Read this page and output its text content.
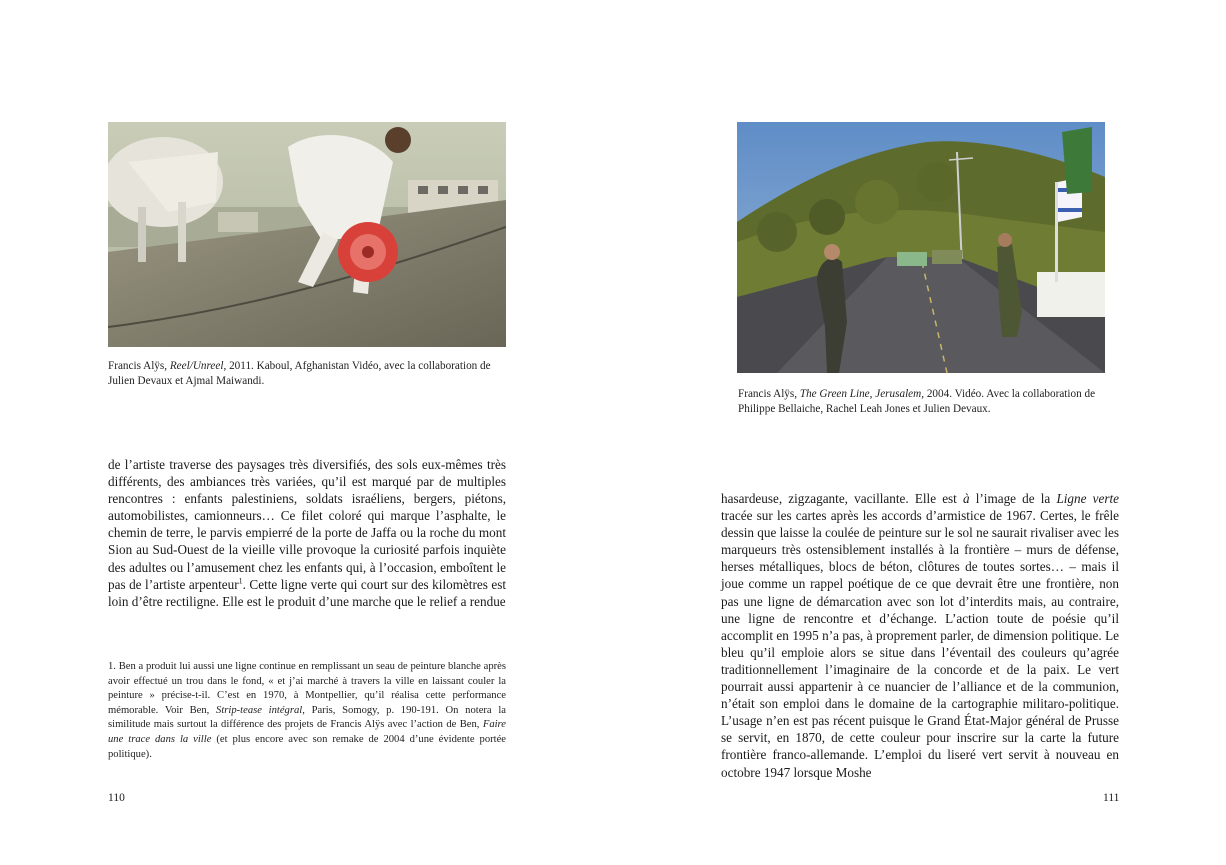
Francis Alÿs, Reel/Unreel, 2011. Kaboul, Afghanistan Vidéo, avec la collaboration de Julien Devaux et Ajmal Maiwandi.

de l’artiste traverse des paysages très diversifiés, des sols eux-mêmes très différents, des ambiances très variées, qu’il est marqué par de multiples rencontres : enfants palestiniens, soldats israéliens, bergers, piétons, automobilistes, camionneurs… Ce filet coloré qui marque l’asphalte, le chemin de terre, le parvis empierré de la porte de Jaffa ou la roche du mont Sion au Sud-Ouest de la vieille ville provoque la curiosité parfois inquiète des adultes ou l’amusement chez les enfants qui, à l’occasion, emboîtent le pas de l’artiste arpenteur$^1$. Cette ligne verte qui court sur des kilomètres est loin d’être rectiligne. Elle est le produit d’une marche que le relief a rendue

1. Ben a produit lui aussi une ligne continue en remplissant un seau de peinture blanche après avoir effectué un trou dans le fond, « et j’ai marché à travers la ville en laissant couler la peinture » précise-t-il. C’est en 1970, à Montpellier, qu’il réalisa cette performance mémorable. Voir Ben, Strip-tease intégral, Paris, Somogy, p. 190-191. On notera la similitude mais surtout la différence des projets de Francis Alÿs avec l’action de Ben, Faire une trace dans la ville (et plus encore avec son remake de 2004 d’une évidente portée politique).

110
Francis Alÿs, The Green Line, Jerusalem, 2004. Vidéo. Avec la collaboration de Philippe Bellaiche, Rachel Leah Jones et Julien Devaux.

hasardeuse, zigzagante, vacillante. Elle est à l’image de la Ligne verte tracée sur les cartes après les accords d’armistice de 1967. Certes, le frêle dessin que laisse la coulée de peinture sur le sol ne saurait rivaliser avec les marqueurs très ostensiblement installés à la frontière – murs de défense, herses métalliques, blocs de béton, clôtures de toutes sortes… – mais il joue comme un rappel poétique de ce que devrait être une frontière, non pas une ligne de démarcation avec son lot d’interdits mais, au contraire, une ligne de rencontre et d’échange. L’action toute de poésie qu’il accomplit en 1995 n’a pas, à proprement parler, de dimension politique. Le bleu qu’il emploie alors se situe dans l’éventail des couleurs qu’agrée traditionnellement l’imaginaire de la concorde et de la paix. Le vert pourrait aussi appartenir à ce nuancier de l’alliance et de la communion, n’était son emploi dans le domaine de la cartographie militaro-politique. L’usage n’en est pas récent puisque le Grand État-Major général de Prusse se servit, en 1870, de cette couleur pour inscrire sur la carte la future frontière franco-allemande. L’emploi du liseré vert servit à nouveau en octobre 1947 lorsque Moshe

111
